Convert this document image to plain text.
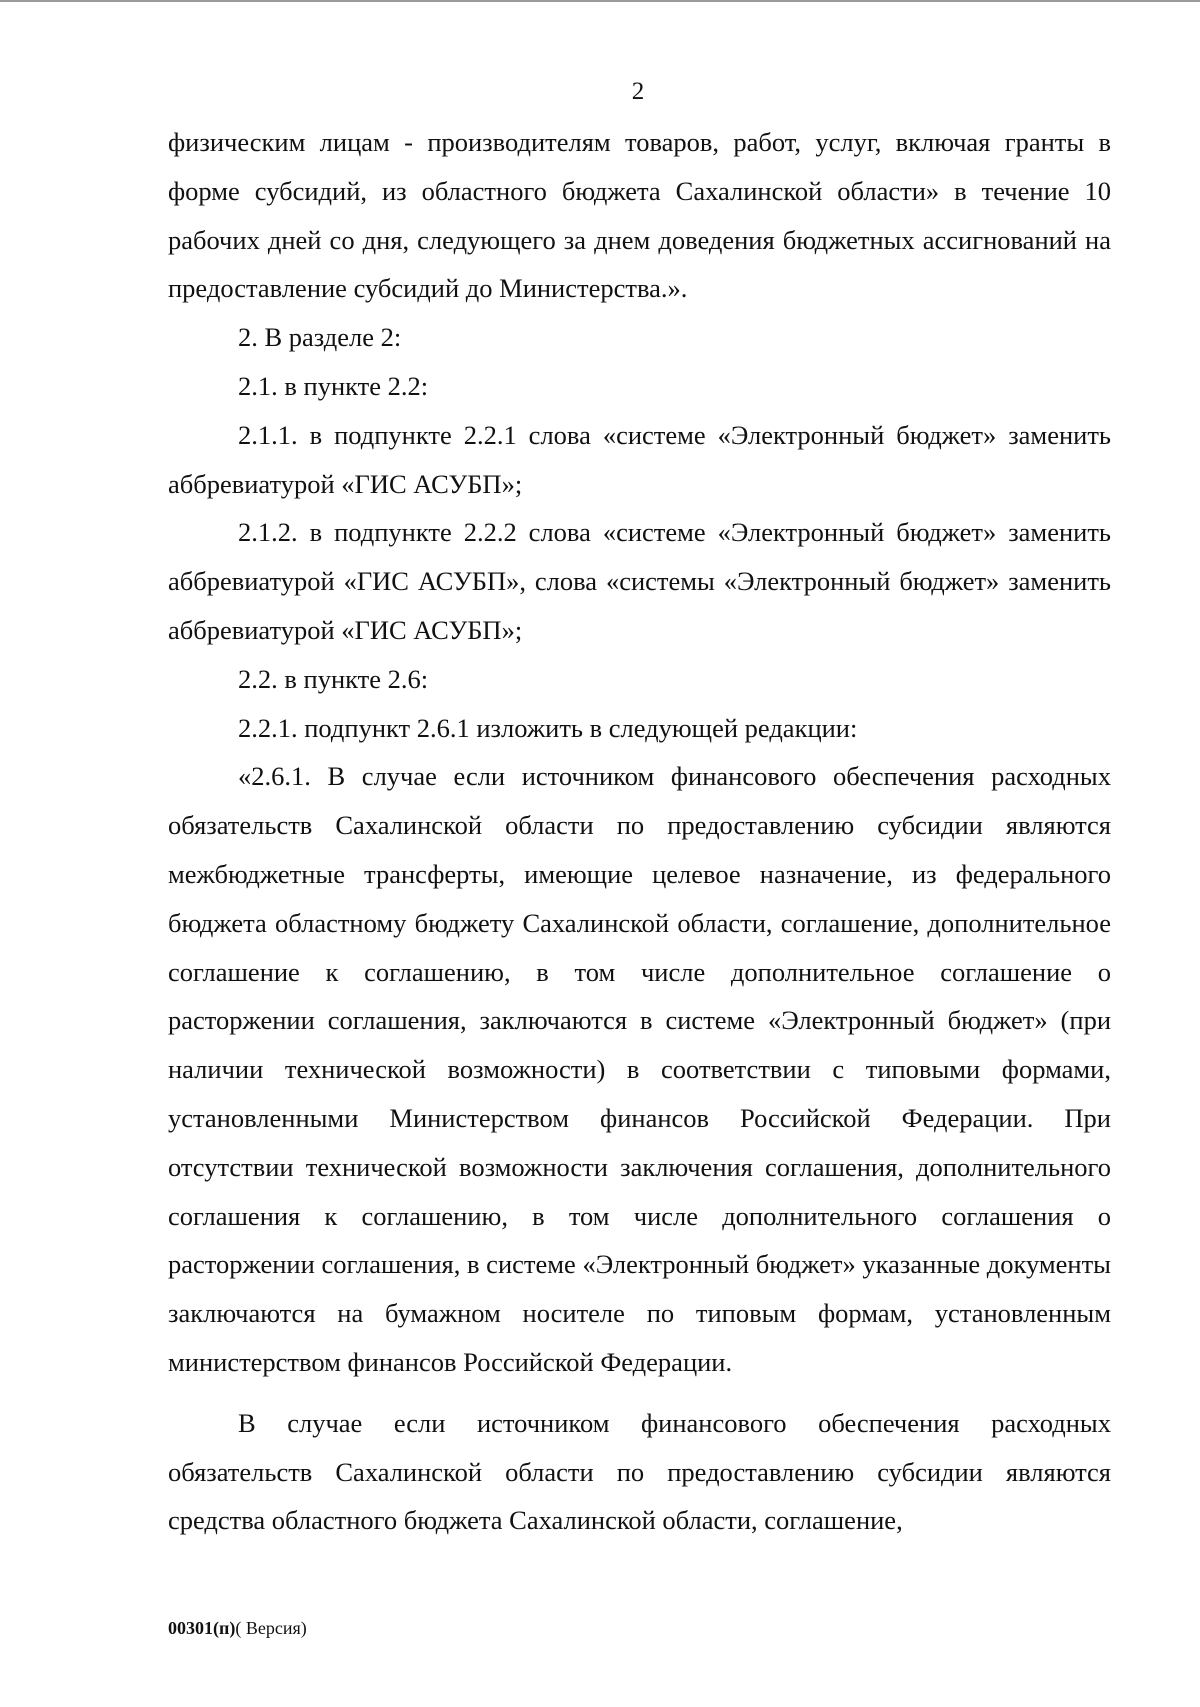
2

физическим лицам - производителям товаров, работ, услуг, включая гранты в форме субсидий, из областного бюджета Сахалинской области» в течение 10 рабочих дней со дня, следующего за днем доведения бюджетных ассигнований на предоставление субсидий до Министерства.».

2. В разделе 2:

2.1. в пункте 2.2:

2.1.1. в подпункте 2.2.1 слова «системе «Электронный бюджет» заменить аббревиатурой «ГИС АСУБП»;

2.1.2. в подпункте 2.2.2 слова «системе «Электронный бюджет» заменить аббревиатурой «ГИС АСУБП», слова «системы «Электронный бюджет» заменить аббревиатурой «ГИС АСУБП»;

2.2. в пункте 2.6:

2.2.1. подпункт 2.6.1 изложить в следующей редакции:

«2.6.1. В случае если источником финансового обеспечения расходных обязательств Сахалинской области по предоставлению субсидии являются межбюджетные трансферты, имеющие целевое назначение, из федерального бюджета областному бюджету Сахалинской области, соглашение, дополнительное соглашение к соглашению, в том числе дополнительное соглашение о расторжении соглашения, заключаются в системе «Электронный бюджет» (при наличии технической возможности) в соответствии с типовыми формами, установленными Министерством финансов Российской Федерации. При отсутствии технической возможности заключения соглашения, дополнительного соглашения к соглашению, в том числе дополнительного соглашения о расторжении соглашения, в системе «Электронный бюджет» указанные документы заключаются на бумажном носителе по типовым формам, установленным министерством финансов Российской Федерации.

В случае если источником финансового обеспечения расходных обязательств Сахалинской области по предоставлению субсидии являются средства областного бюджета Сахалинской области, соглашение,

00301(п)( Версия)
